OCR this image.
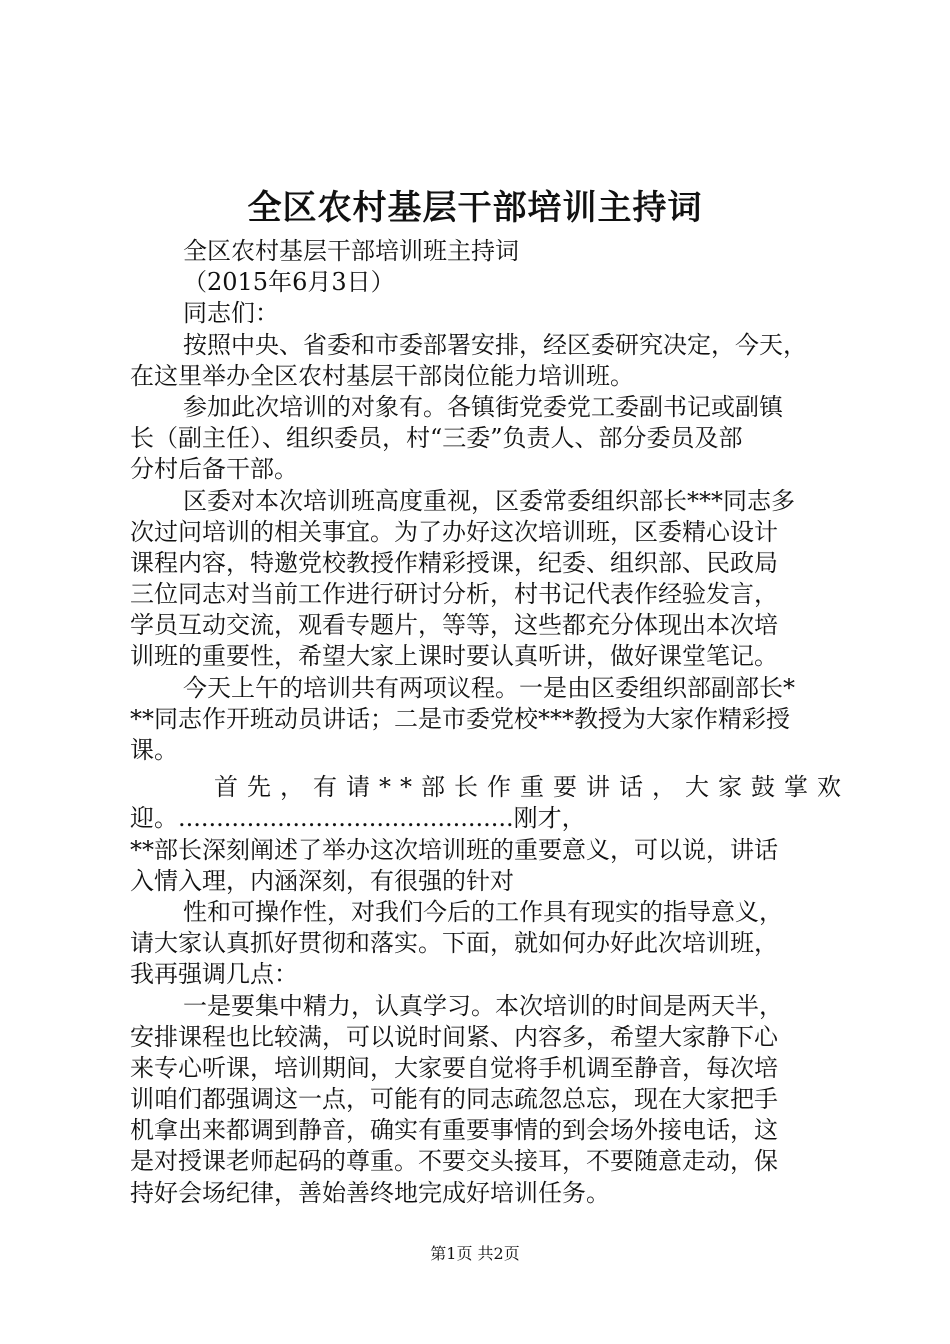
全区农村基层干部培训主持词
全区农村基层干部培训班主持词
（2015年6月3日）
同志们：
按照中央、省委和市委部署安排，经区委研究决定，今天，
在这里举办全区农村基层干部岗位能力培训班。
参加此次培训的对象有。各镇街党委党工委副书记或副镇
长（副主任）、组织委员，村“三委”负责人、部分委员及部
分村后备干部。
区委对本次培训班高度重视，区委常委组织部长***同志多
次过问培训的相关事宜。为了办好这次培训班，区委精心设计
课程内容，特邀党校教授作精彩授课，纪委、组织部、民政局
三位同志对当前工作进行研讨分析，村书记代表作经验发言，
学员互动交流，观看专题片，等等，这些都充分体现出本次培
训班的重要性，希望大家上课时要认真听讲，做好课堂笔记。
今天上午的培训共有两项议程。一是由区委组织部副部长*
**同志作开班动员讲话；二是市委党校***教授为大家作精彩授
课。
首先，有请**部长作重要讲话，大家鼓掌欢
迎。............................................刚才，
**部长深刻阐述了举办这次培训班的重要意义，可以说，讲话
入情入理，内涵深刻，有很强的针对
性和可操作性，对我们今后的工作具有现实的指导意义，
请大家认真抓好贯彻和落实。下面，就如何办好此次培训班，
我再强调几点：
一是要集中精力，认真学习。本次培训的时间是两天半，
安排课程也比较满，可以说时间紧、内容多，希望大家静下心
来专心听课，培训期间，大家要自觉将手机调至静音，每次培
训咱们都强调这一点，可能有的同志疏忽总忘，现在大家把手
机拿出来都调到静音，确实有重要事情的到会场外接电话，这
是对授课老师起码的尊重。不要交头接耳，不要随意走动，保
持好会场纪律，善始善终地完成好培训任务。
第1页 共2页
